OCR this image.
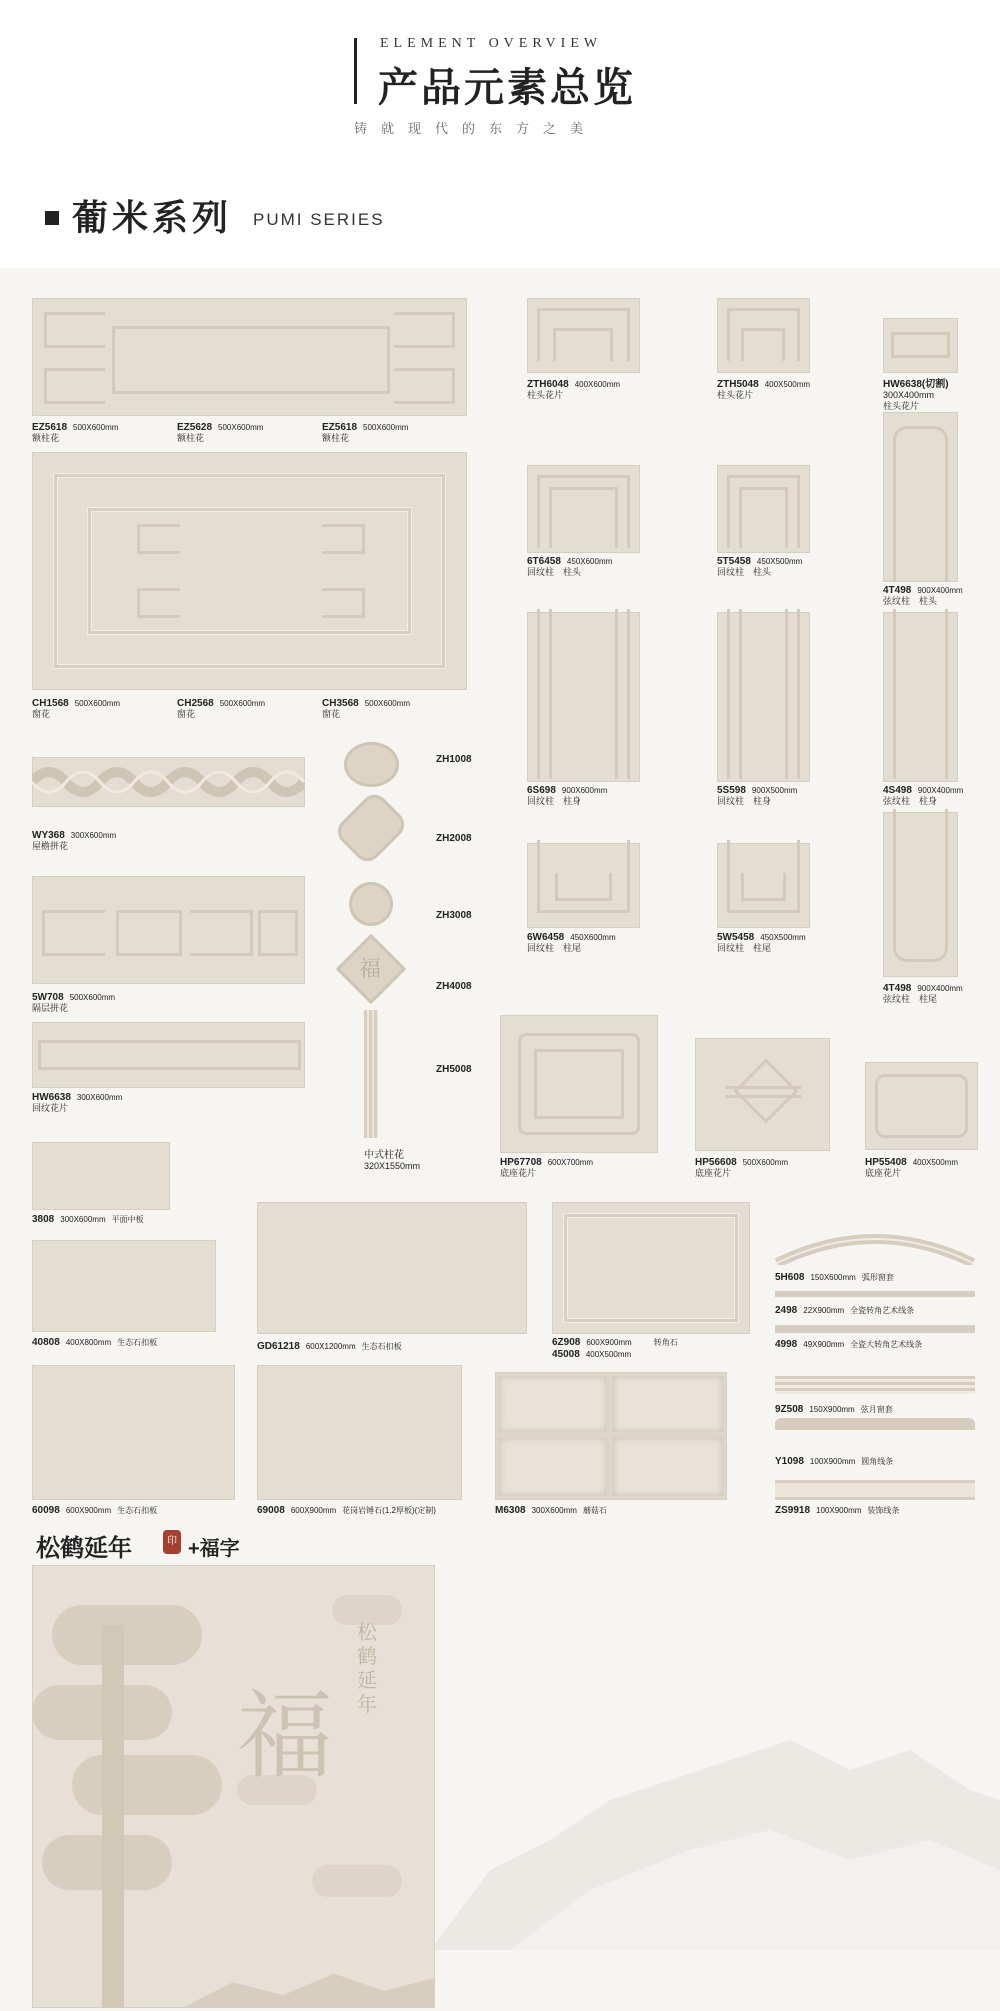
ELEMENT OVERVIEW
产品元素总览
铸就现代的东方之美
葡米系列 PUMI SERIES
EZ5618 500X600mm
额柱花
EZ5628 500X600mm
额柱花
EZ5618 500X600mm
额柱花
CH1568 500X600mm
窗花
CH2568 500X600mm
窗花
CH3568 500X600mm
窗花
ZTH6048 400X600mm
柱头花片
ZTH5048 400X500mm
柱头花片
HW6638(切割)
300X400mm
柱头花片
6T6458 450X600mm
回纹柱　柱头
5T5458 450X500mm
回纹柱　柱头
4T498 900X400mm
弦纹柱　柱头
6S698 900X600mm
回纹柱　柱身
5S598 900X500mm
回纹柱　柱身
4S498 900X400mm
弦纹柱　柱身
6W6458 450X600mm
回纹柱　柱尾
5W5458 450X500mm
回纹柱　柱尾
4T498 900X400mm
弦纹柱　柱尾
WY368 300X600mm
屋檐拼花
5W708 500X600mm
隔层拼花
HW6638 300X600mm
回纹花片
福
ZH1008
ZH2008
ZH3008
ZH4008
ZH5008
中式柱花
320X1550mm	HP67708 600X700mm
底座花片
HP56608 500X600mm
底座花片
HP55408 400X500mm
底座花片
3808 300X600mm 平面中板
40808 400X800mm 生态石扣板	GD61218 600X1200mm 生态石扣板	6Z908 600X900mm	转角石
45008 400X500mm
60098 600X900mm 生态石扣板	69008 600X900mm 花岗岩锤石(1.2厚板)(定制)	M6308 300X600mm 蘑菇石
5H608 150X600mm 弧形窗套
2498 22X900mm 全瓷转角艺术线条
4998 49X900mm 全瓷大转角艺术线条
9Z508 150X900mm 弦月窗套
Y1098 100X900mm 圆角线条
ZS9918 100X900mm 装饰线条
松鹤延年	印 +福字
福
松鹤延年
